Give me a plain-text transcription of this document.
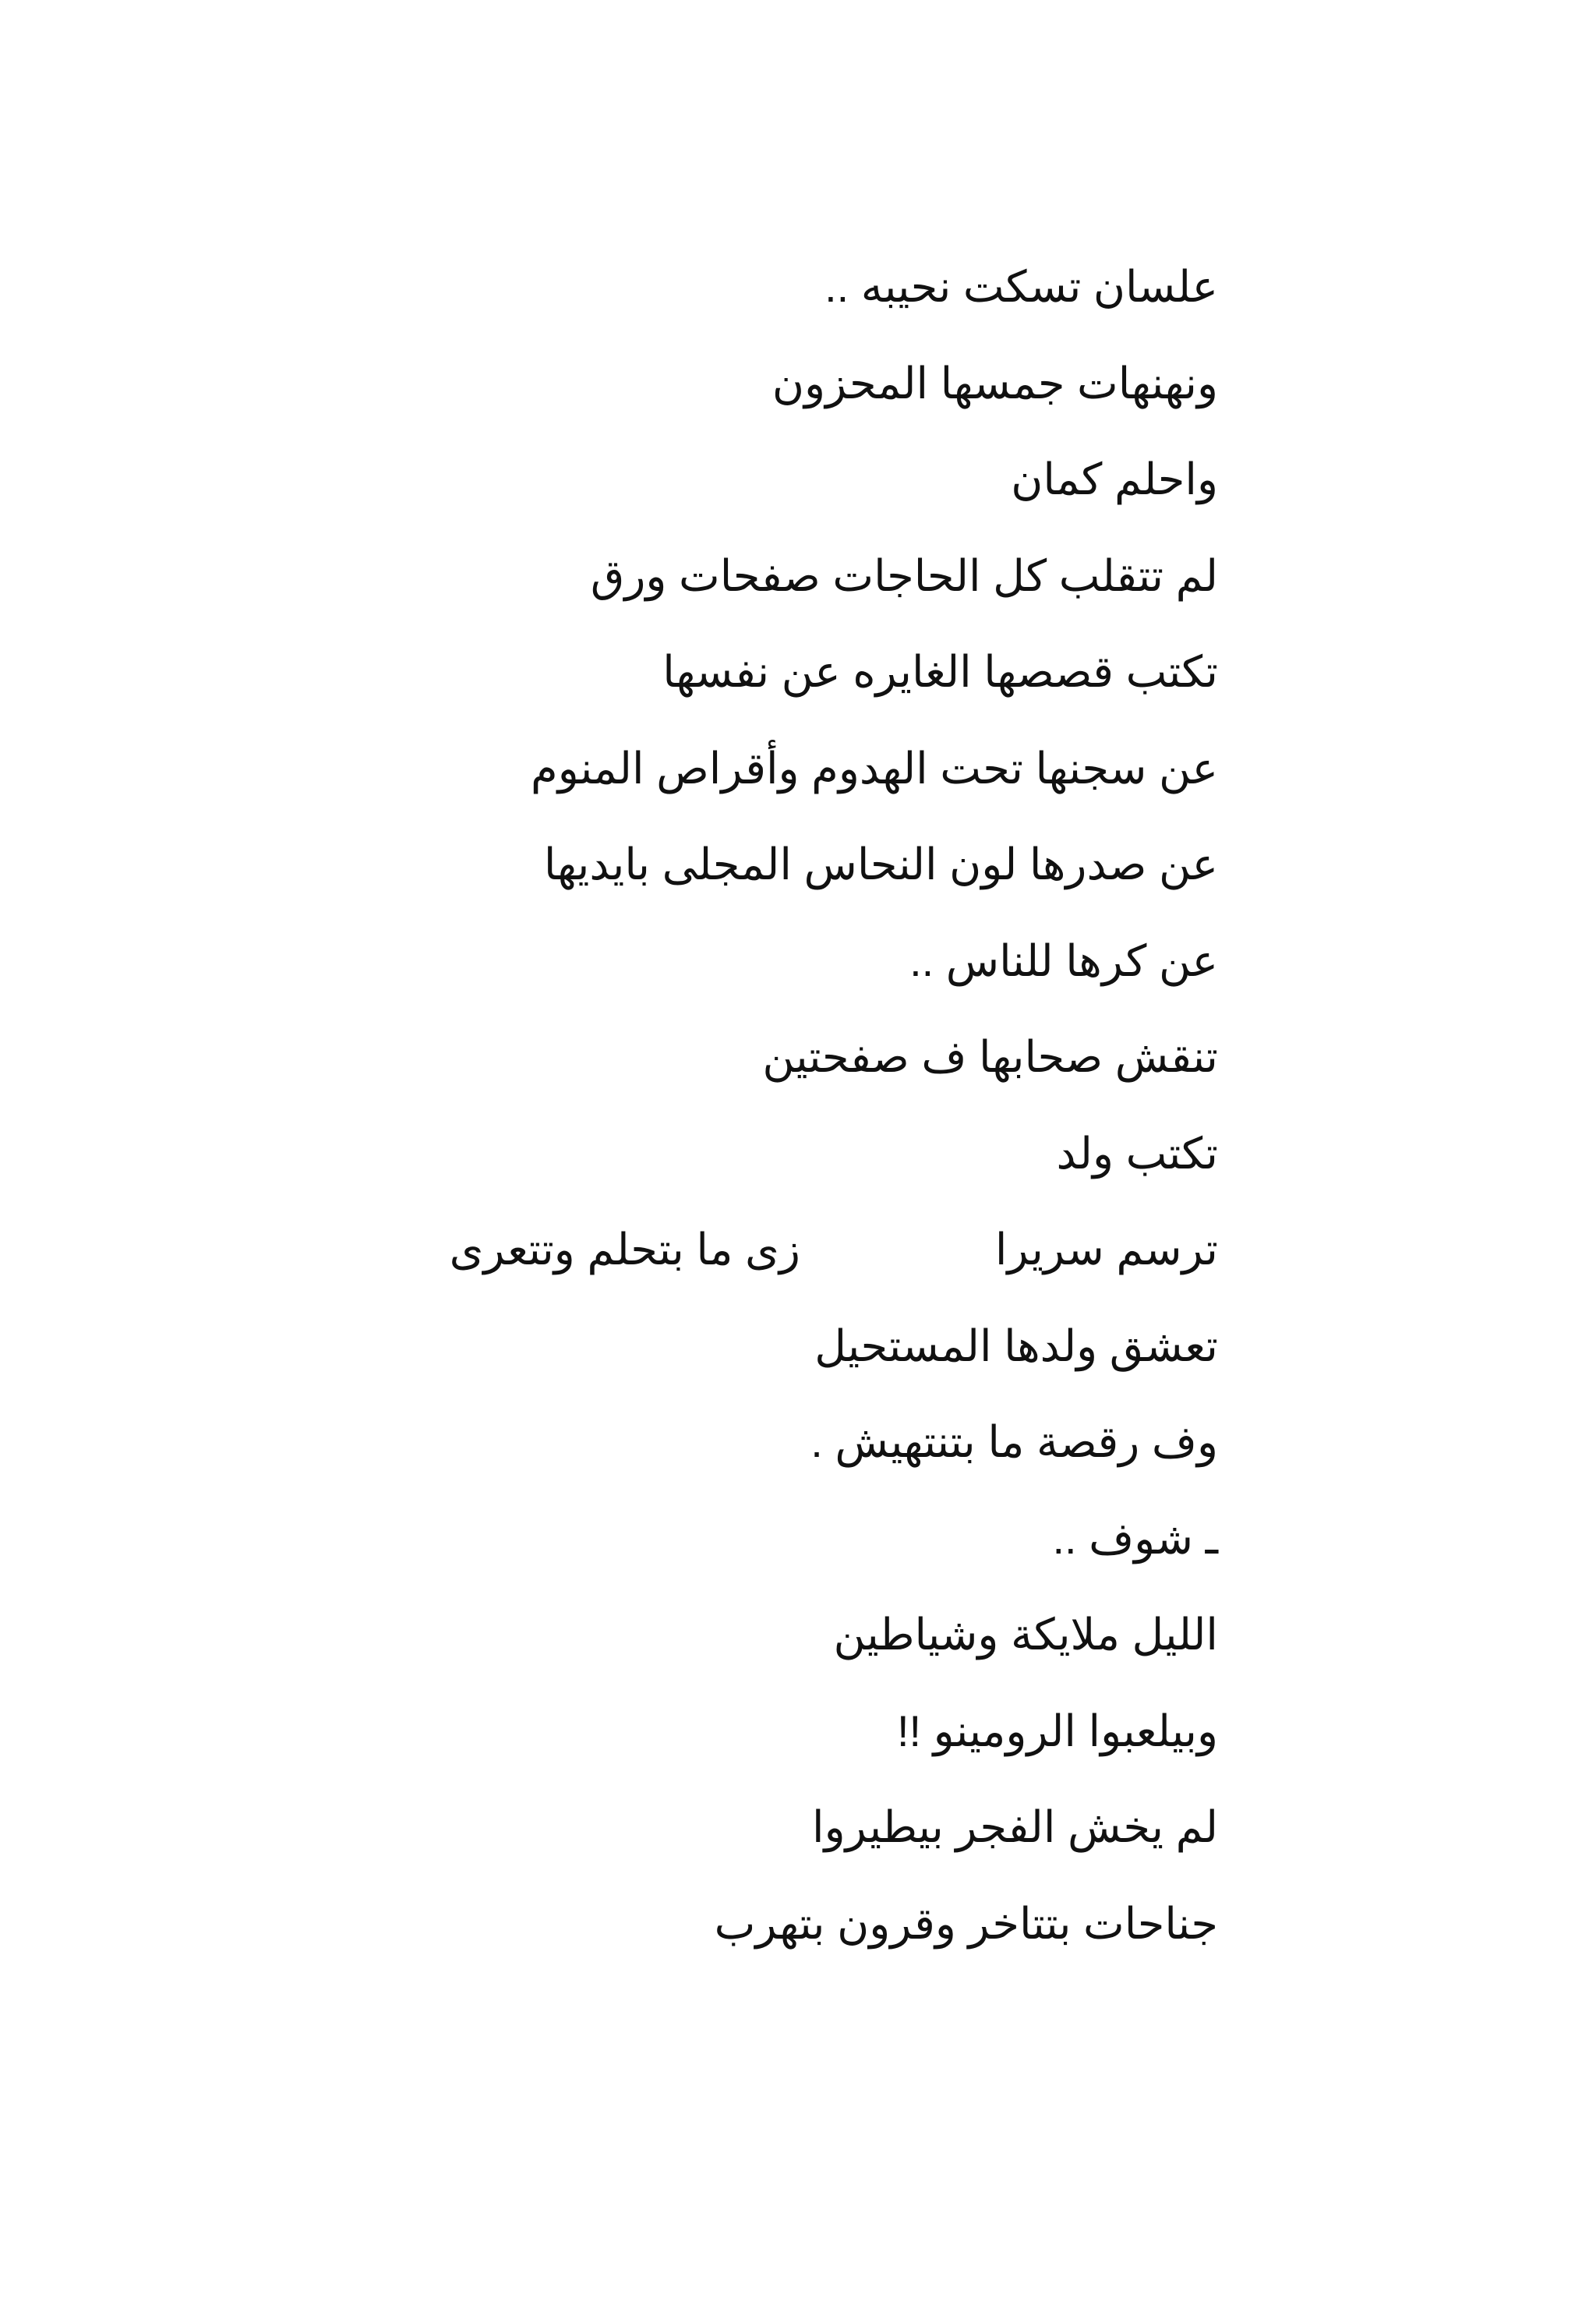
علسان تسكت نحيبه ..
ونهنهات جمسها المحزون
واحلم كمان
لم تتقلب كل الحاجات صفحات ورق
تكتب قصصها الغايره عن نفسها
عن سجنها تحت الهدوم وأقراص المنوم
عن صدرها لون النحاس المجلى بايديها
عن كرها للناس ..
تنقش صحابها ف صفحتين
تكتب ولد
ترسم سريرازى ما بتحلم وتتعرى
تعشق ولدها المستحيل
وف رقصة ما بتنتهيش .
ـ شوف ..
الليل ملايكة وشياطين
وبيلعبوا الرومينو !!
لم يخش الفجر بيطيروا
جناحات بتتاخر وقرون بتهرب
